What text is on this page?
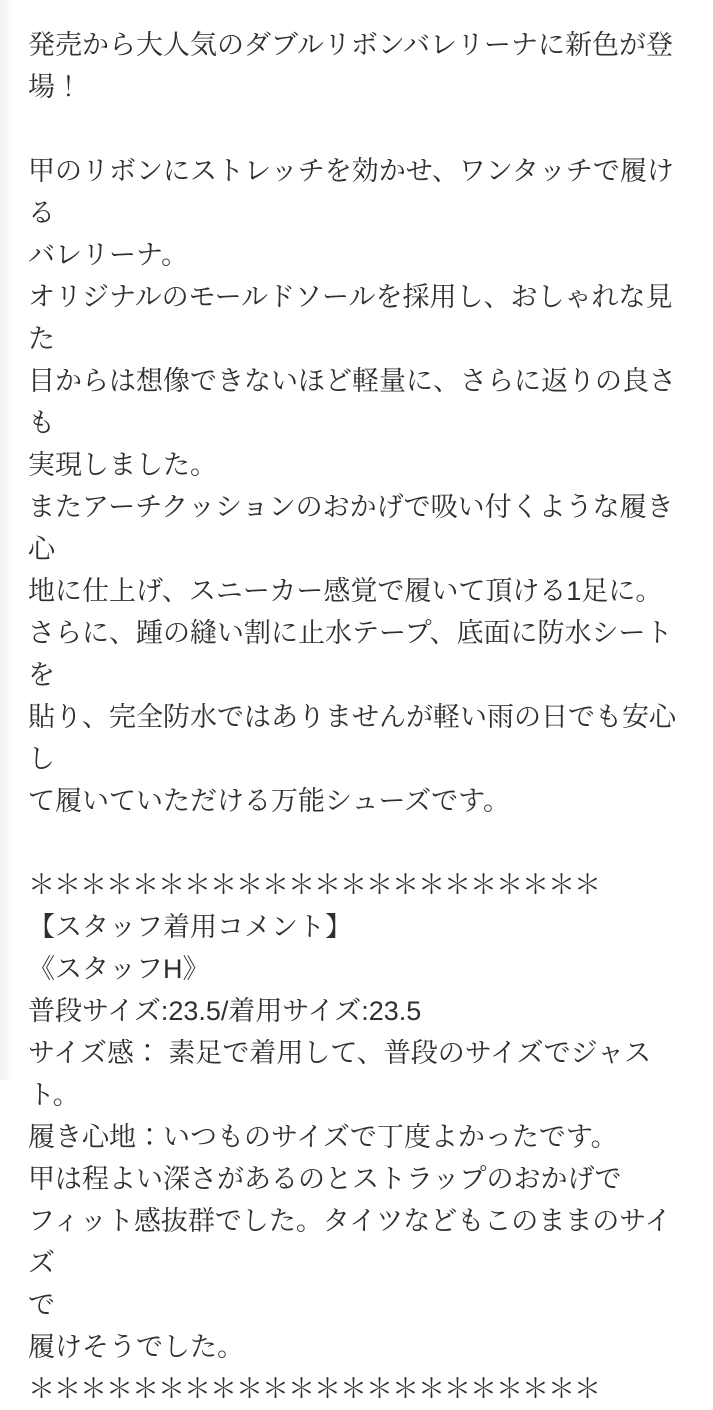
発売から大人気のダブルリボンバレリーナに新色が登
場！
甲のリボンにストレッチを効かせ、ワンタッチで履ける
バレリーナ。
オリジナルのモールドソールを採用し、おしゃれな見た
目からは想像できないほど軽量に、さらに返りの良さも
実現しました。
またアーチクッションのおかげで吸い付くような履き心
地に仕上げ、スニーカー感覚で履いて頂ける1足に。
さらに、踵の縫い割に止水テープ、底面に防水シートを
貼り、完全防水ではありませんが軽い雨の日でも安心し
て履いていただける万能シューズです。
＊＊＊＊＊＊＊＊＊＊＊＊＊＊＊＊＊＊＊＊＊＊
【スタッフ着用コメント】
《スタッフH》
普段サイズ:23.5/着用サイズ:23.5
サイズ感： 素足で着用して、普段のサイズでジャスト。
履き心地：いつものサイズで丁度よかったです。
甲は程よい深さがあるのとストラップのおかげで
フィット感抜群でした。タイツなどもこのままのサイズ
で
履けそうでした。
＊＊＊＊＊＊＊＊＊＊＊＊＊＊＊＊＊＊＊＊＊＊
